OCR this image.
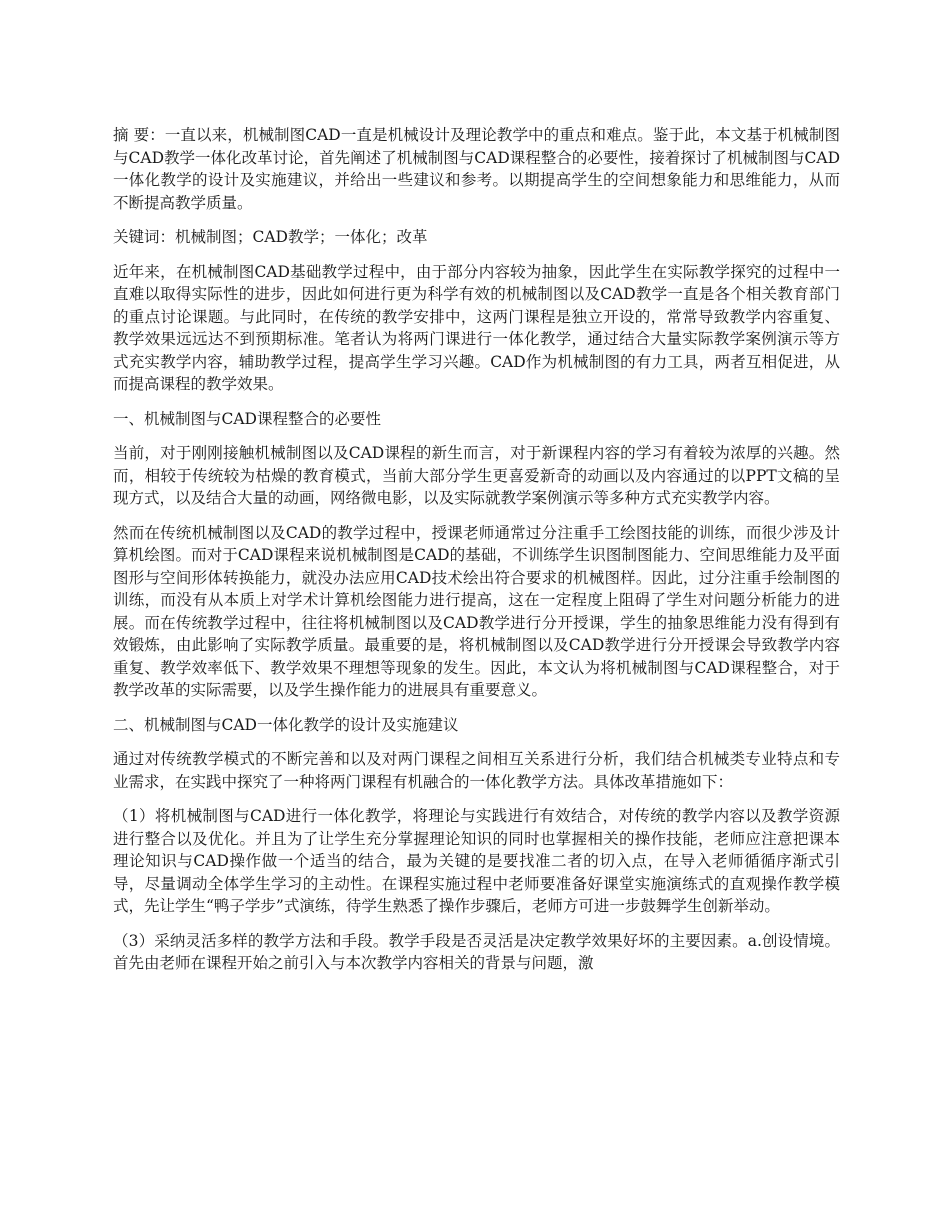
摘 要：一直以来，机械制图CAD一直是机械设计及理论教学中的重点和难点。鉴于此，本文基于机械制图与CAD教学一体化改革讨论，首先阐述了机械制图与CAD课程整合的必要性，接着探讨了机械制图与CAD一体化教学的设计及实施建议，并给出一些建议和参考。以期提高学生的空间想象能力和思维能力，从而不断提高教学质量。

关键词：机械制图；CAD教学；一体化；改革

近年来，在机械制图CAD基础教学过程中，由于部分内容较为抽象，因此学生在实际教学探究的过程中一直难以取得实际性的进步，因此如何进行更为科学有效的机械制图以及CAD教学一直是各个相关教育部门的重点讨论课题。与此同时，在传统的教学安排中，这两门课程是独立开设的，常常导致教学内容重复、教学效果远远达不到预期标准。笔者认为将两门课进行一体化教学，通过结合大量实际教学案例演示等方式充实教学内容，辅助教学过程，提高学生学习兴趣。CAD作为机械制图的有力工具，两者互相促进，从而提高课程的教学效果。

一、机械制图与CAD课程整合的必要性

当前，对于刚刚接触机械制图以及CAD课程的新生而言，对于新课程内容的学习有着较为浓厚的兴趣。然而，相较于传统较为枯燥的教育模式，当前大部分学生更喜爱新奇的动画以及内容通过的以PPT文稿的呈现方式，以及结合大量的动画，网络微电影，以及实际就教学案例演示等多种方式充实教学内容。

然而在传统机械制图以及CAD的教学过程中，授课老师通常过分注重手工绘图技能的训练，而很少涉及计算机绘图。而对于CAD课程来说机械制图是CAD的基础，不训练学生识图制图能力、空间思维能力及平面图形与空间形体转换能力，就没办法应用CAD技术绘出符合要求的机械图样。因此，过分注重手绘制图的训练，而没有从本质上对学术计算机绘图能力进行提高，这在一定程度上阻碍了学生对问题分析能力的进展。而在传统教学过程中，往往将机械制图以及CAD教学进行分开授课，学生的抽象思维能力没有得到有效锻炼，由此影响了实际教学质量。最重要的是，将机械制图以及CAD教学进行分开授课会导致教学内容重复、教学效率低下、教学效果不理想等现象的发生。因此，本文认为将机械制图与CAD课程整合，对于教学改革的实际需要，以及学生操作能力的进展具有重要意义。

二、机械制图与CAD一体化教学的设计及实施建议

通过对传统教学模式的不断完善和以及对两门课程之间相互关系进行分析，我们结合机械类专业特点和专业需求，在实践中探究了一种将两门课程有机融合的一体化教学方法。具体改革措施如下：

（1）将机械制图与CAD进行一体化教学，将理论与实践进行有效结合，对传统的教学内容以及教学资源进行整合以及优化。并且为了让学生充分掌握理论知识的同时也掌握相关的操作技能，老师应注意把课本理论知识与CAD操作做一个适当的结合，最为关键的是要找准二者的切入点，在导入老师循循序渐式引导，尽量调动全体学生学习的主动性。在课程实施过程中老师要准备好课堂实施演练式的直观操作教学模式，先让学生“鸭子学步”式演练，待学生熟悉了操作步骤后，老师方可进一步鼓舞学生创新举动。

（3）采纳灵活多样的教学方法和手段。教学手段是否灵活是决定教学效果好坏的主要因素。a.创设情境。首先由老师在课程开始之前引入与本次教学内容相关的背景与问题，激
